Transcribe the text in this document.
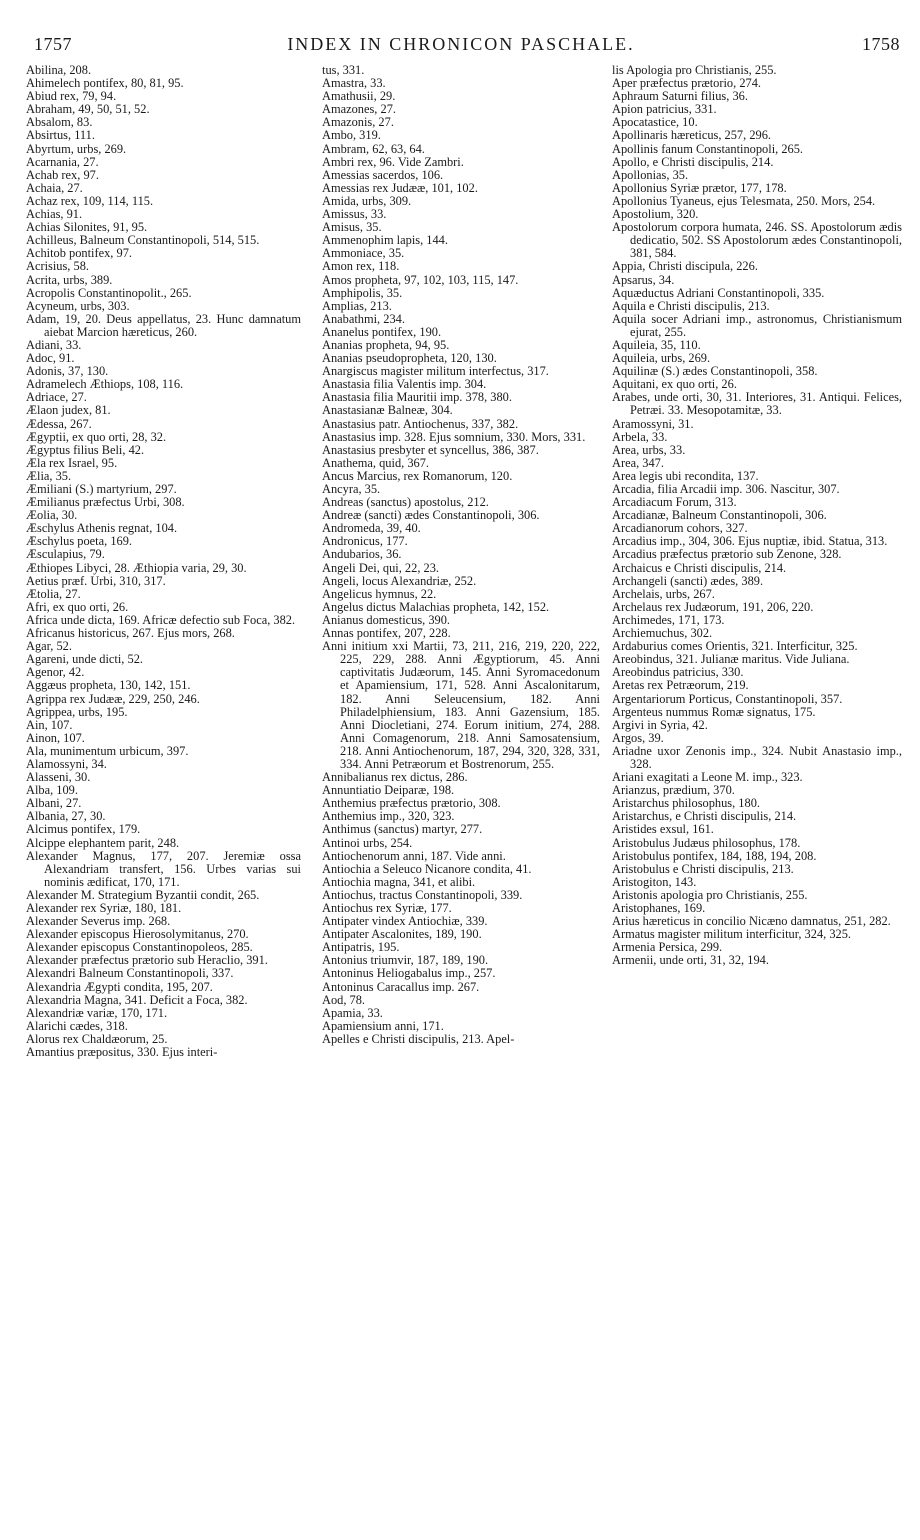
1757	INDEX IN CHRONICON PASCHALE.	1758
Abilina, 208.
Ahimelech pontifex, 80, 81, 95.
Abiud rex, 79, 94.
Abraham, 49, 50, 51, 52.
Absalom, 83.
Absirtus, 111.
Abyrtum, urbs, 269.
Acarnania, 27.
Achab rex, 97.
Achaia, 27.
Achaz rex, 109, 114, 115.
Achias, 91.
Achias Silonites, 91, 95.
Achilleus, Balneum Constantinopoli, 514, 515.
Achitob pontifex, 97.
Acrisius, 58.
Acrita, urbs, 389.
Acropolis Constantinopolit., 265.
Acyneum, urbs, 303.
Adam, 19, 20. Deus appellatus, 23. Hunc damnatum aiebat Marcion hæreticus, 260.
Adiani, 33.
Adoc, 91.
Adonis, 37, 130.
Adramelech Æthiops, 108, 116.
Adriace, 27.
Ælaon judex, 81.
Ædessa, 267.
Ægyptii, ex quo orti, 28, 32.
Ægyptus filius Beli, 42.
Æla rex Israel, 95.
Ælia, 35.
Æmiliani (S.) martyrium, 297.
Æmilianus præfectus Urbi, 308.
Æolia, 30.
Æschylus Athenis regnat, 104.
Æschylus poeta, 169.
Æsculapius, 79.
Æthiopes Libyci, 28. Æthiopia varia, 29, 30.
Aetius præf. Urbi, 310, 317.
Ætolia, 27.
Afri, ex quo orti, 26.
Africa unde dicta, 169. Africæ defectio sub Foca, 382.
Africanus historicus, 267. Ejus mors, 268.
Agar, 52.
Agareni, unde dicti, 52.
Agenor, 42.
Aggæus propheta, 130, 142, 151.
Agrippa rex Judææ, 229, 250, 246.
Agrippea, urbs, 195.
Ain, 107.
Ainon, 107.
Ala, munimentum urbicum, 397.
Alamossyni, 34.
Alasseni, 30.
Alba, 109.
Albani, 27.
Albania, 27, 30.
Alcimus pontifex, 179.
Alcippe elephantem parit, 248.
Alexander Magnus, 177, 207. Jeremiæ ossa Alexandriam transfert, 156. Urbes varias sui nominis ædificat, 170, 171.
Alexander M. Strategium Byzantii condit, 265.
Alexander rex Syriæ, 180, 181.
Alexander Severus imp. 268.
Alexander episcopus Hierosolymitanus, 270.
Alexander episcopus Constantinopoleos, 285.
Alexander præfectus prætorio sub Heraclio, 391.
Alexandri Balneum Constantinopoli, 337.
Alexandria Ægypti condita, 195, 207.
Alexandria Magna, 341. Deficit a Foca, 382.
Alexandriæ variæ, 170, 171.
Alarichi cædes, 318.
Alorus rex Chaldæorum, 25.
Amantius præpositus, 330. Ejus interi-
tus, 331.
Amastra, 33.
Amathusii, 29.
Amazones, 27.
Amazonis, 27.
Ambo, 319.
Ambram, 62, 63, 64.
Ambri rex, 96. Vide Zambri.
Amessias sacerdos, 106.
Amessias rex Judææ, 101, 102.
Amida, urbs, 309.
Amissus, 33.
Amisus, 35.
Ammenophim lapis, 144.
Ammoniace, 35.
Amon rex, 118.
Amos propheta, 97, 102, 103, 115, 147.
Amphipolis, 35.
Amplias, 213.
Anabathmi, 234.
Ananelus pontifex, 190.
Ananias propheta, 94, 95.
Ananias pseudopropheta, 120, 130.
Anargiscus magister militum interfectus, 317.
Anastasia filia Valentis imp. 304.
Anastasia filia Mauritii imp. 378, 380.
Anastasianæ Balneæ, 304.
Anastasius patr. Antiochenus, 337, 382.
Anastasius imp. 328. Ejus somnium, 330. Mors, 331.
Anastasius presbyter et syncellus, 386, 387.
Anathema, quid, 367.
Ancus Marcius, rex Romanorum, 120.
Ancyra, 35.
Andreas (sanctus) apostolus, 212.
Andreæ (sancti) ædes Constantinopoli, 306.
Andromeda, 39, 40.
Andronicus, 177.
Andubarios, 36.
Angeli Dei, qui, 22, 23.
Angeli, locus Alexandriæ, 252.
Angelicus hymnus, 22.
Angelus dictus Malachias propheta, 142, 152.
Anianus domesticus, 390.
Annas pontifex, 207, 228.
Anni initium xxi Martii, 73, 211, 216, 219, 220, 222, 225, 229, 288. Anni Ægyptiorum, 45. Anni captivitatis Judæorum, 145. Anni Syromacedonum et Apamiensium, 171, 528. Anni Ascalonitarum, 182. Anni Seleucensium, 182. Anni Philadelphiensium, 183. Anni Gazensium, 185. Anni Diocletiani, 274. Eorum initium, 274, 288. Anni Comagenorum, 218. Anni Samosatensium, 218. Anni Antiochenorum, 187, 294, 320, 328, 331, 334. Anni Petræorum et Bostrenorum, 255.
Annibalianus rex dictus, 286.
Annuntiatio Deiparæ, 198.
Anthemius præfectus prætorio, 308.
Anthemius imp., 320, 323.
Anthimus (sanctus) martyr, 277.
Antinoi urbs, 254.
Antiochenorum anni, 187. Vide anni.
Antiochia a Seleuco Nicanore condita, 41.
Antiochia magna, 341, et alibi.
Antiochus, tractus Constantinopoli, 339.
Antiochus rex Syriæ, 177.
Antipater vindex Antiochiæ, 339.
Antipater Ascalonites, 189, 190.
Antipatris, 195.
Antonius triumvir, 187, 189, 190.
Antoninus Heliogabalus imp., 257.
Antoninus Caracallus imp. 267.
Aod, 78.
Apamia, 33.
Apamiensium anni, 171.
Apelles e Christi discipulis, 213. Apel-
lis Apologia pro Christianis, 255.
Aper præfectus prætorio, 274.
Aphraum Saturni filius, 36.
Apion patricius, 331.
Apocatastice, 10.
Apollinaris hæreticus, 257, 296.
Apollinis fanum Constantinopoli, 265.
Apollo, e Christi discipulis, 214.
Apollonias, 35.
Apollonius Syriæ prætor, 177, 178.
Apollonius Tyaneus, ejus Telesmata, 250. Mors, 254.
Apostolium, 320.
Apostolorum corpora humata, 246. SS. Apostolorum ædis dedicatio, 502. SS Apostolorum ædes Constantinopoli, 381, 584.
Appia, Christi discipula, 226.
Apsarus, 34.
Aquæductus Adriani Constantinopoli, 335.
Aquila e Christi discipulis, 213.
Aquila socer Adriani imp., astronomus, Christianismum ejurat, 255.
Aquileia, 35, 110.
Aquileia, urbs, 269.
Aquilinæ (S.) ædes Constantinopoli, 358.
Aquitani, ex quo orti, 26.
Arabes, unde orti, 30, 31. Interiores, 31. Antiqui. Felices, Petræi. 33. Mesopotamitæ, 33.
Aramossyni, 31.
Arbela, 33.
Area, urbs, 33.
Area, 347.
Area legis ubi recondita, 137.
Arcadia, filia Arcadii imp. 306. Nascitur, 307.
Arcadiacum Forum, 313.
Arcadianæ, Balneum Constantinopoli, 306.
Arcadianorum cohors, 327.
Arcadius imp., 304, 306. Ejus nuptiæ, ibid. Statua, 313.
Arcadius præfectus prætorio sub Zenone, 328.
Archaicus e Christi discipulis, 214.
Archangeli (sancti) ædes, 389.
Archelais, urbs, 267.
Archelaus rex Judæorum, 191, 206, 220.
Archimedes, 171, 173.
Archiemuchus, 302.
Ardaburius comes Orientis, 321. Interficitur, 325.
Areobindus, 321. Julianæ maritus. Vide Juliana.
Areobindus patricius, 330.
Aretas rex Petræorum, 219.
Argentariorum Porticus, Constantinopoli, 357.
Argenteus nummus Romæ signatus, 175.
Argivi in Syria, 42.
Argos, 39.
Ariadne uxor Zenonis imp., 324. Nubit Anastasio imp., 328.
Ariani exagitati a Leone M. imp., 323.
Arianzus, prædium, 370.
Aristarchus philosophus, 180.
Aristarchus, e Christi discipulis, 214.
Aristides exsul, 161.
Aristobulus Judæus philosophus, 178.
Aristobulus pontifex, 184, 188, 194, 208.
Aristobulus e Christi discipulis, 213.
Aristogiton, 143.
Aristonis apologia pro Christianis, 255.
Aristophanes, 169.
Arius hæreticus in concilio Nicæno damnatus, 251, 282.
Armatus magister militum interficitur, 324, 325.
Armenia Persica, 299.
Armenii, unde orti, 31, 32, 194.
